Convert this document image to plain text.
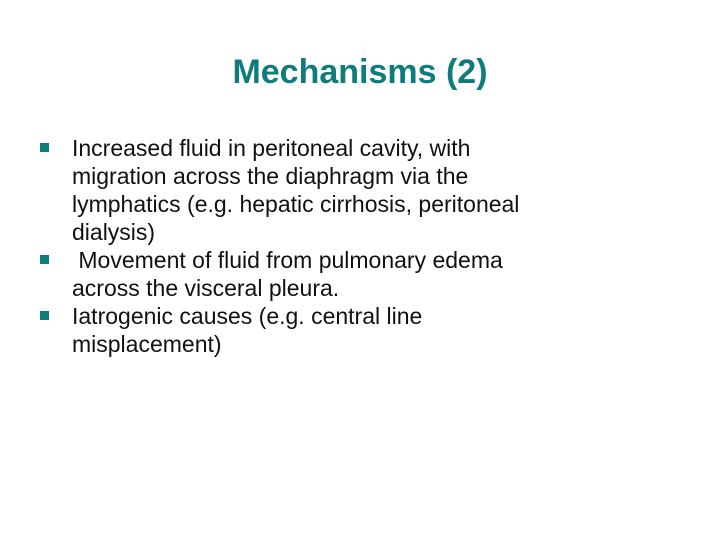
Mechanisms (2)
Increased fluid in peritoneal cavity, with
migration across the diaphragm via the
lymphatics (e.g. hepatic cirrhosis, peritoneal
dialysis)
Movement of fluid from pulmonary edema
across the visceral pleura.
Iatrogenic causes (e.g. central line
misplacement)
